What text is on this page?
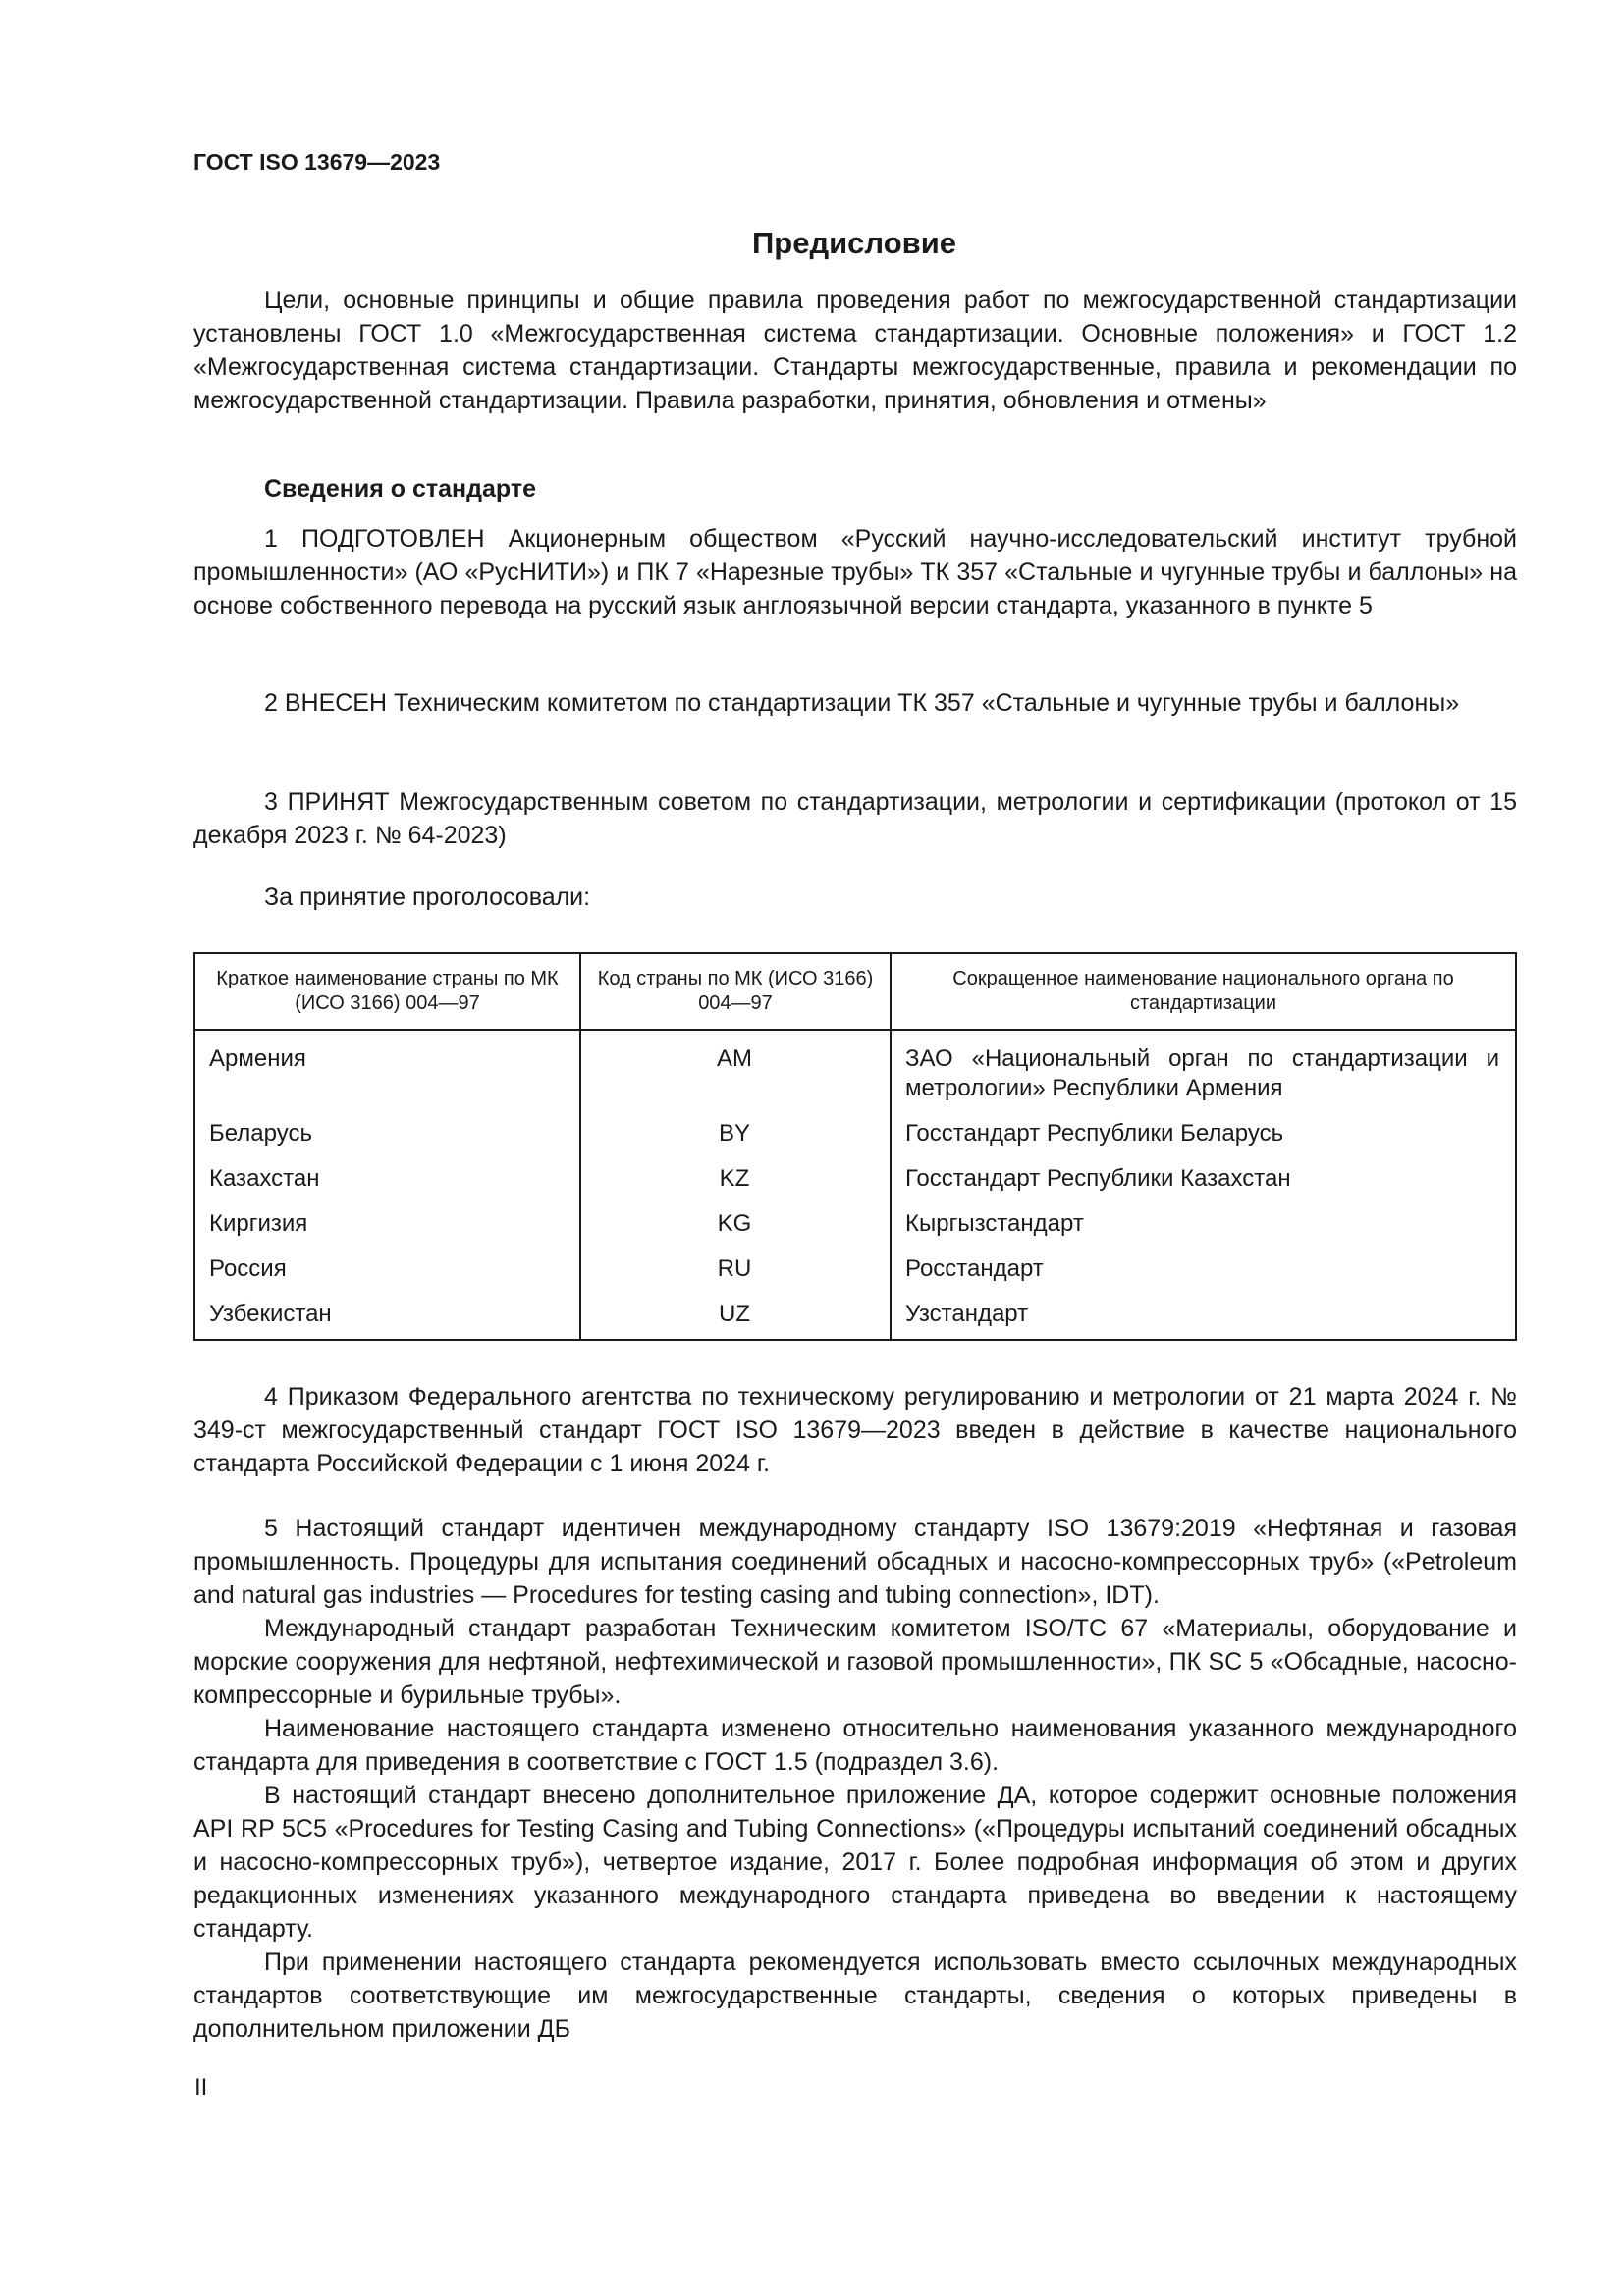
ГОСТ ISO 13679—2023
Предисловие

Цели, основные принципы и общие правила проведения работ по межгосударственной стандартизации установлены ГОСТ 1.0 «Межгосударственная система стандартизации. Основные положения» и ГОСТ 1.2 «Межгосударственная система стандартизации. Стандарты межгосударственные, правила и рекомендации по межгосударственной стандартизации. Правила разработки, принятия, обновления и отмены»

Сведения о стандарте

1 ПОДГОТОВЛЕН Акционерным обществом «Русский научно-исследовательский институт трубной промышленности» (АО «РусНИТИ») и ПК 7 «Нарезные трубы» ТК 357 «Стальные и чугунные трубы и баллоны» на основе собственного перевода на русский язык англоязычной версии стандарта, указанного в пункте 5

2 ВНЕСЕН Техническим комитетом по стандартизации ТК 357 «Стальные и чугунные трубы и баллоны»

3 ПРИНЯТ Межгосударственным советом по стандартизации, метрологии и сертификации (протокол от 15 декабря 2023 г. № 64-2023)

За принятие проголосовали:

Краткое наименование страны по МК (ИСО 3166) 004—97	Код страны по МК (ИСО 3166) 004—97	Сокращенное наименование национального органа по стандартизации
Армения	AM	ЗАО «Национальный орган по стандартизации и метрологии» Республики Армения
Беларусь	BY	Госстандарт Республики Беларусь
Казахстан	KZ	Госстандарт Республики Казахстан
Киргизия	KG	Кыргызстандарт
Россия	RU	Росстандарт
Узбекистан	UZ	Узстандарт

4 Приказом Федерального агентства по техническому регулированию и метрологии от 21 марта 2024 г. № 349-ст межгосударственный стандарт ГОСТ ISO 13679—2023 введен в действие в качестве национального стандарта Российской Федерации с 1 июня 2024 г.

5 Настоящий стандарт идентичен международному стандарту ISO 13679:2019 «Нефтяная и газовая промышленность. Процедуры для испытания соединений обсадных и насосно-компрессорных труб» («Petroleum and natural gas industries — Procedures for testing casing and tubing connection», IDT).

Международный стандарт разработан Техническим комитетом ISO/TC 67 «Материалы, оборудование и морские сооружения для нефтяной, нефтехимической и газовой промышленности», ПК SC 5 «Обсадные, насосно-компрессорные и бурильные трубы».

Наименование настоящего стандарта изменено относительно наименования указанного международного стандарта для приведения в соответствие с ГОСТ 1.5 (подраздел 3.6).

В настоящий стандарт внесено дополнительное приложение ДА, которое содержит основные положения API RP 5C5 «Procedures for Testing Casing and Tubing Connections» («Процедуры испытаний соединений обсадных и насосно-компрессорных труб»), четвертое издание, 2017 г. Более подробная информация об этом и других редакционных изменениях указанного международного стандарта приведена во введении к настоящему стандарту.

При применении настоящего стандарта рекомендуется использовать вместо ссылочных международных стандартов соответствующие им межгосударственные стандарты, сведения о которых приведены в дополнительном приложении ДБ

II
